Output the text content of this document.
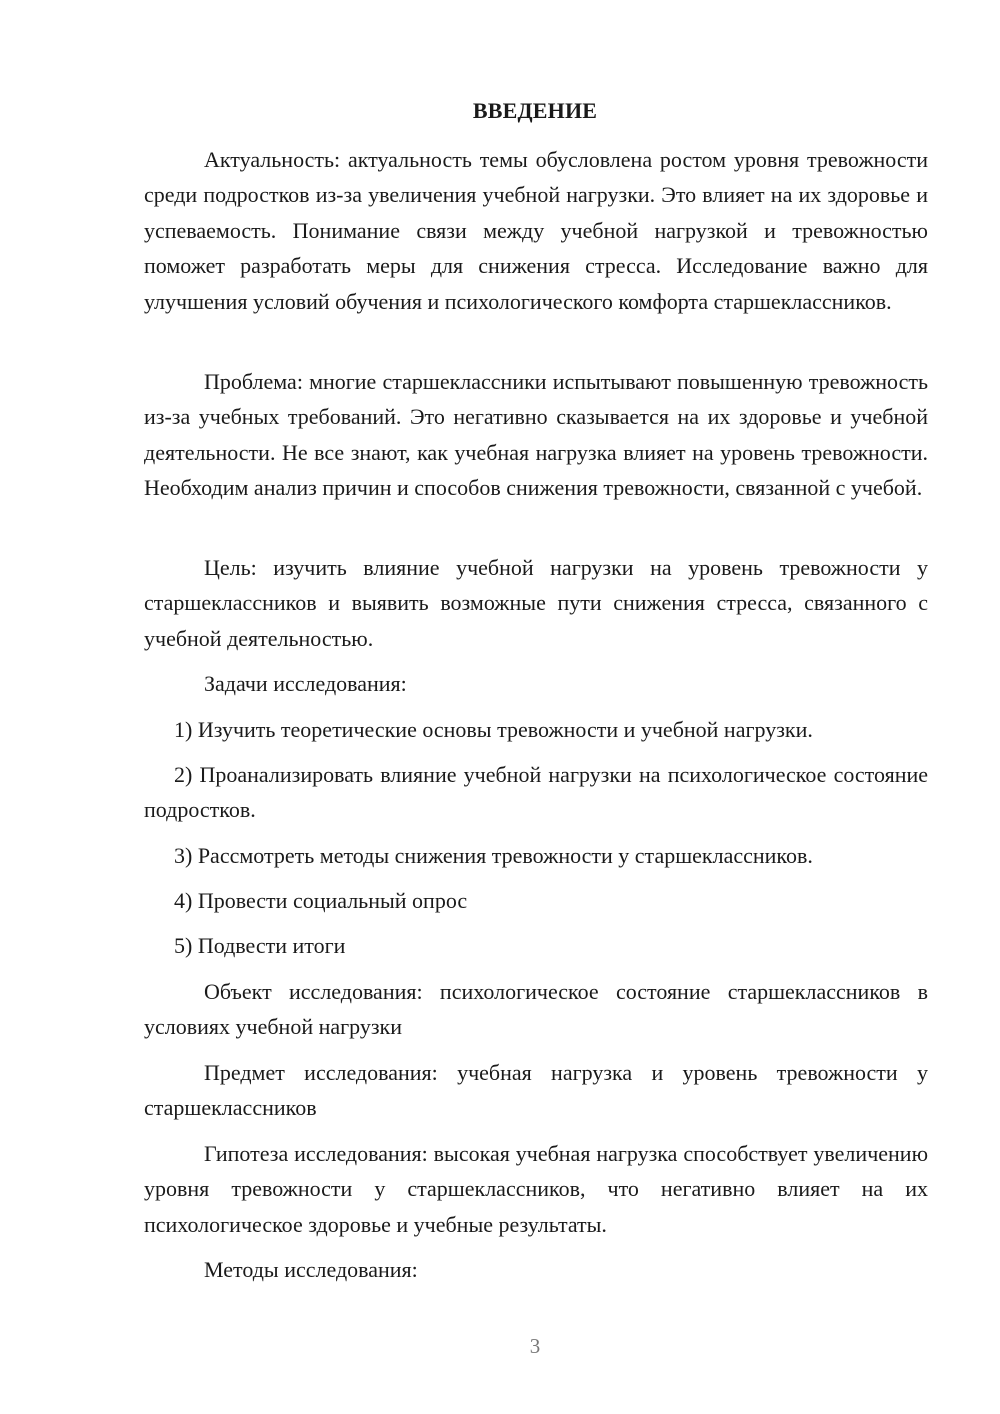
ВВЕДЕНИЕ

Актуальность: актуальность темы обусловлена ростом уровня тревожности среди подростков из-за увеличения учебной нагрузки. Это влияет на их здоровье и успеваемость. Понимание связи между учебной нагрузкой и тревожностью поможет разработать меры для снижения стресса. Исследование важно для улучшения условий обучения и психологического комфорта старшеклассников.

Проблема: многие старшеклассники испытывают повышенную тревожность из-за учебных требований. Это негативно сказывается на их здоровье и учебной деятельности. Не все знают, как учебная нагрузка влияет на уровень тревожности. Необходим анализ причин и способов снижения тревожности, связанной с учебой.

Цель: изучить влияние учебной нагрузки на уровень тревожности у старшеклассников и выявить возможные пути снижения стресса, связанного с учебной деятельностью.

Задачи исследования:

1) Изучить теоретические основы тревожности и учебной нагрузки.

2) Проанализировать влияние учебной нагрузки на психологическое состояние подростков.

3) Рассмотреть методы снижения тревожности у старшеклассников.

4) Провести социальный опрос

5) Подвести итоги

Объект исследования: психологическое состояние старшеклассников в условиях учебной нагрузки

Предмет исследования: учебная нагрузка и уровень тревожности у старшеклассников

Гипотеза исследования: высокая учебная нагрузка способствует увеличению уровня тревожности у старшеклассников, что негативно влияет на их психологическое здоровье и учебные результаты.

Методы исследования:

3
